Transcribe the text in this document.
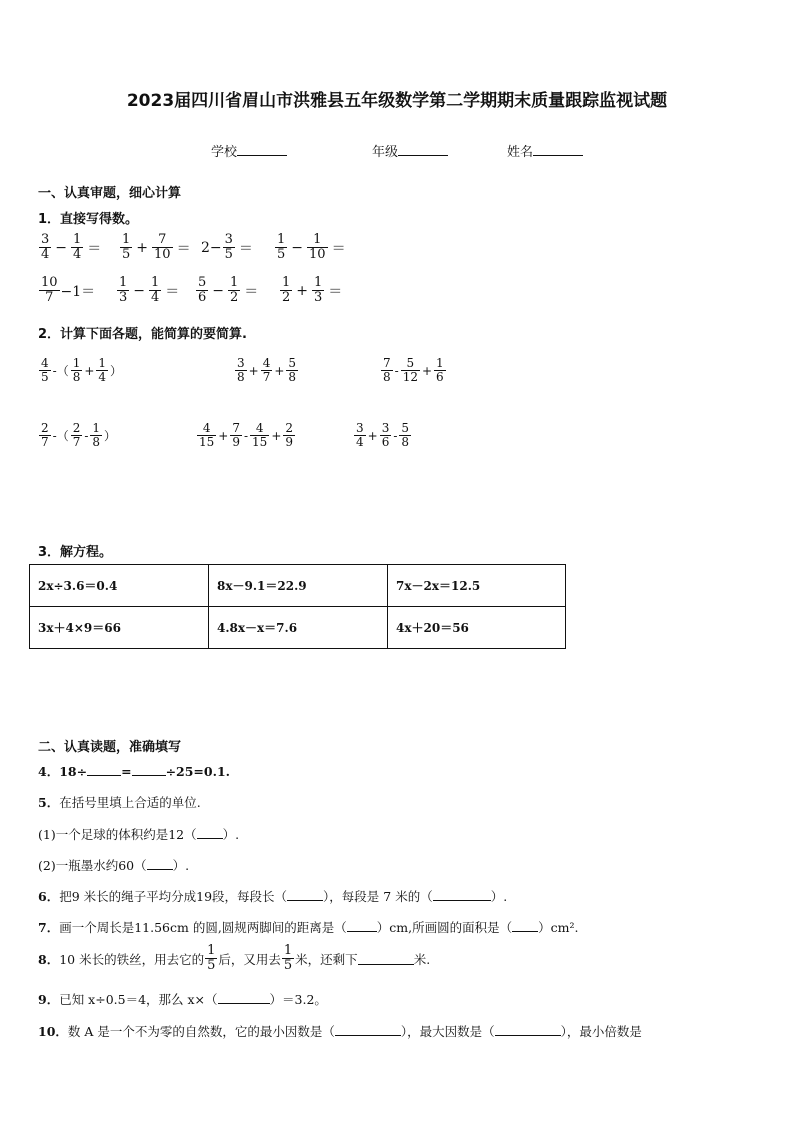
2023届四川省眉山市洪雅县五年级数学第二学期期末质量跟踪监视试题
学校	年级	姓名
一、认真审题，细心计算
1．直接写得数。
$\frac{3}{4} - \frac{1}{4} = \frac{1}{5} + \frac{7}{10} = 2- \frac{3}{5} = \frac{1}{5} - \frac{1}{10}$ ＝
$\frac{10}{7} -1= \frac{1}{3} - \frac{1}{4} = \frac{5}{6} - \frac{1}{2} = \frac{1}{2} + \frac{1}{3}$ ＝
2．计算下面各题，能简算的要简算.
$\frac{4}{5}$ -（ $\frac{1}{8} + \frac{1}{4}$ ）	$\frac{3}{8} + \frac{4}{7} + \frac{5}{8}$	$\frac{7}{8} - \frac{5}{12} + \frac{1}{6}$
$\frac{2}{7}$ -（ $\frac{2}{7} - \frac{1}{8}$ ）	$\frac{4}{15} + \frac{7}{9} - \frac{4}{15} + \frac{2}{9}$	$\frac{3}{4} + \frac{3}{6} - \frac{5}{8}$
3．解方程。
2x÷3.6＝0.4	8x－9.1＝22.9	7x－2x＝12.5
3x＋4×9＝66	4.8x－x＝7.6	4x＋20＝56
二、认真读题，准确填写
4．18÷	=	÷25=0.1.
5．在括号里填上合适的单位.
(1)一个足球的体积约是12（ ）.
(2)一瓶墨水约60（ ）.
6．把9 米长的绳子平均分成19段，每段长（	），每段是 7 米的（	）.
7．画一个周长是11.56cm 的圆,圆规两脚间的距离是（ ）cm,所画圆的面积是（ ）cm².
8． 10 米长的铁丝，用去它的 $\frac{1}{5}$ 后，又用去 $\frac{1}{5}$ 米，还剩下	米.
9．已知 x÷0.5＝4，那么 x×（	）＝3.2。
10．数 A 是一个不为零的自然数，它的最小因数是（	），最大因数是（	），最小倍数是
